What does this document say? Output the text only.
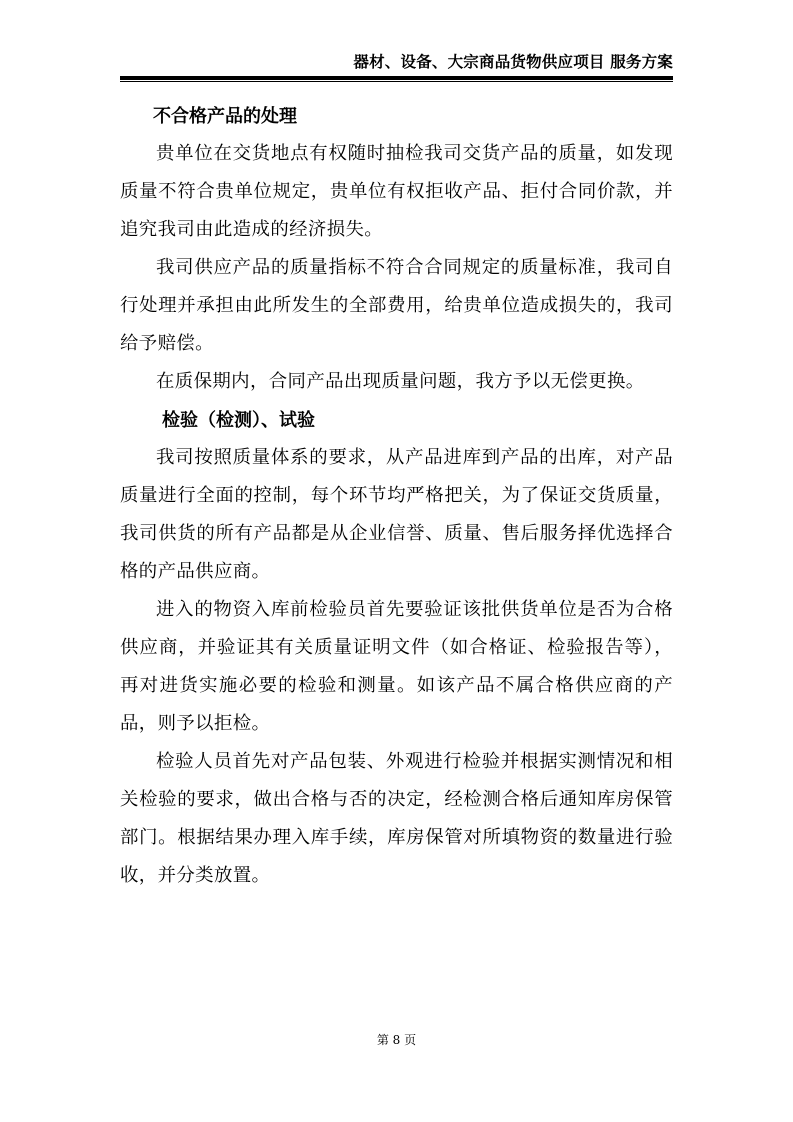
器材、设备、大宗商品货物供应项目 服务方案
不合格产品的处理

贵单位在交货地点有权随时抽检我司交货产品的质量，如发现质量不符合贵单位规定，贵单位有权拒收产品、拒付合同价款，并追究我司由此造成的经济损失。

我司供应产品的质量指标不符合合同规定的质量标准，我司自行处理并承担由此所发生的全部费用，给贵单位造成损失的，我司给予赔偿。

在质保期内，合同产品出现质量问题，我方予以无偿更换。

检验（检测）、试验

我司按照质量体系的要求，从产品进库到产品的出库，对产品质量进行全面的控制，每个环节均严格把关，为了保证交货质量，我司供货的所有产品都是从企业信誉、质量、售后服务择优选择合格的产品供应商。

进入的物资入库前检验员首先要验证该批供货单位是否为合格供应商，并验证其有关质量证明文件（如合格证、检验报告等），再对进货实施必要的检验和测量。如该产品不属合格供应商的产品，则予以拒检。

检验人员首先对产品包装、外观进行检验并根据实测情况和相关检验的要求，做出合格与否的决定，经检测合格后通知库房保管部门。根据结果办理入库手续，库房保管对所填物资的数量进行验收，并分类放置。

第 8 页
